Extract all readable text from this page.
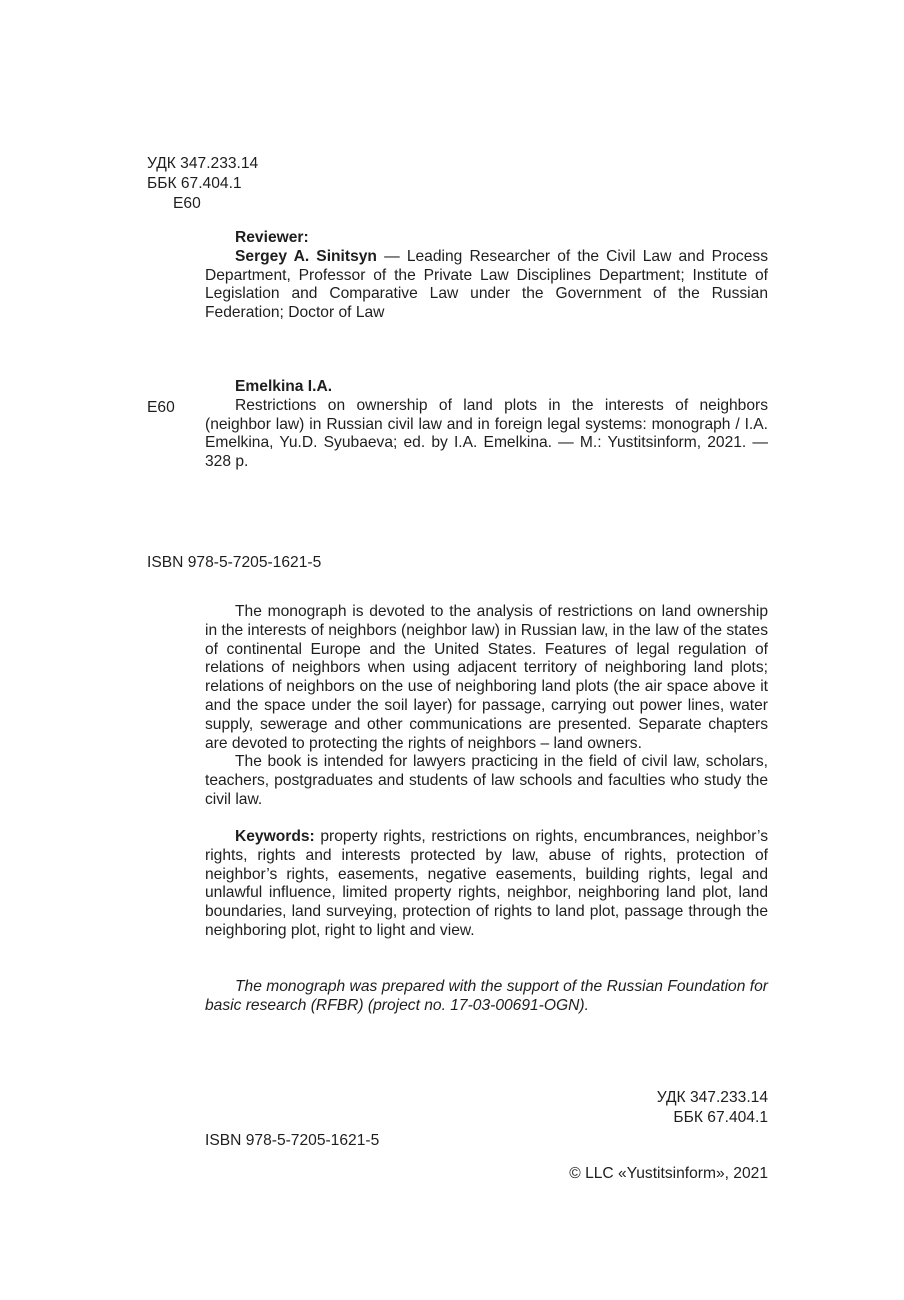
УДК 347.233.14
ББК 67.404.1
Е60
Reviewer:

Sergey A. Sinitsyn — Leading Researcher of the Civil Law and Process Department, Professor of the Private Law Disciplines Department; Institute of Legislation and Comparative Law under the Government of the Russian Federation; Doctor of Law

Е60
Emelkina I.A.

Restrictions on ownership of land plots in the interests of neighbors (neighbor law) in Russian civil law and in foreign legal systems: monograph / I.A. Emelkina, Yu.D. Syubaeva; ed. by I.A. Emelkina. — M.: Yustitsinform, 2021. — 328 p.

ISBN 978-5-7205-1621-5

The monograph is devoted to the analysis of restrictions on land ownership in the interests of neighbors (neighbor law) in Russian law, in the law of the states of continental Europe and the United States. Features of legal regulation of relations of neighbors when using adjacent territory of neighboring land plots; relations of neighbors on the use of neighboring land plots (the air space above it and the space under the soil layer) for passage, carrying out power lines, water supply, sewerage and other communications are presented. Separate chapters are devoted to protecting the rights of neighbors – land owners.

The book is intended for lawyers practicing in the field of civil law, scholars, teachers, postgraduates and students of law schools and faculties who study the civil law.

Keywords: property rights, restrictions on rights, encumbrances, neighbor’s rights, rights and interests protected by law, abuse of rights, protection of neighbor’s rights, easements, negative easements, building rights, legal and unlawful influence, limited property rights, neighbor, neighboring land plot, land boundaries, land surveying, protection of rights to land plot, passage through the neighboring plot, right to light and view.

The monograph was prepared with the support of the Russian Foundation for basic research (RFBR) (project no. 17-03-00691-OGN).

УДК 347.233.14
ББК 67.404.1
ISBN 978-5-7205-1621-5
© LLC «Yustitsinform», 2021
